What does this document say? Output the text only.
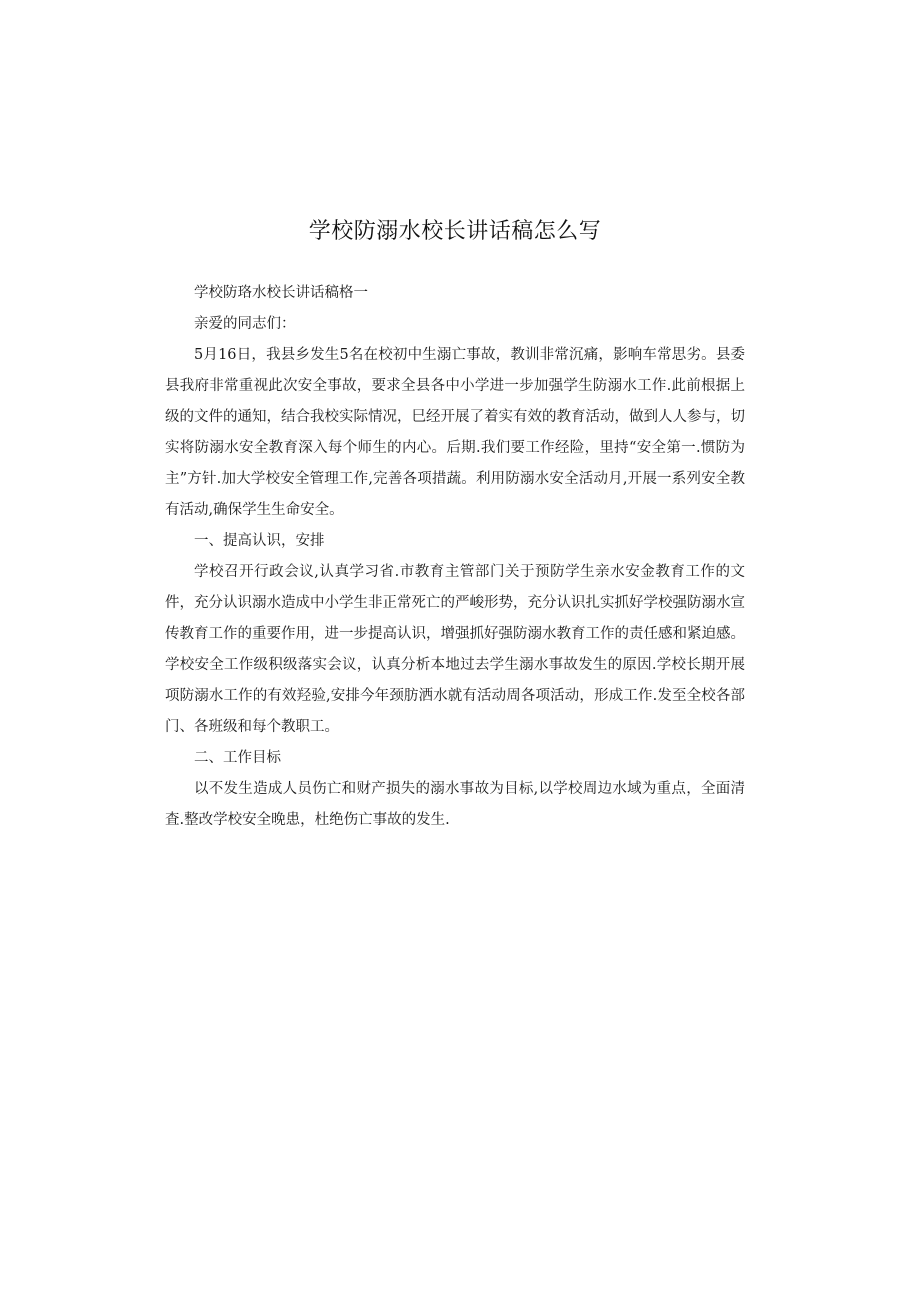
学校防溺水校长讲话稿怎么写

学校防珞水校长讲话稿格一

亲爱的同志们：

5月16日，我县乡发生5名在校初中生溺亡事故，教训非常沉痛，影响车常思劣。县委县我府非常重视此次安全事故，要求全县各中小学进一步加强学生防溺水工作.此前根据上级的文件的通知，结合我校实际情况，巳经开展了着实有效的教育活动，做到人人参与，切实将防溺水安全教育深入每个师生的内心。后期.我们要工作经险，里持“安全第一.惯防为主”方针.加大学校安全管理工作,完善各项措蔬。利用防溺水安全活动月,开展一系列安全教有活动,确保学生生命安全。

一、提高认识，安排

学校召开行政会议,认真学习省.市教育主管部门关于预防学生亲水安金教育工作的文件，充分认识溺水造成中小学生非正常死亡的严峻形势，充分认识扎实抓好学校强防溺水宣传教育工作的重要作用，进一步提高认识，增强抓好强防溺水教育工作的责任感和紧迫感。学校安全工作级积级落实会议，认真分析本地过去学生溺水事故发生的原因.学校长期开展项防溺水工作的有效羟验,安排今年颈肪洒水就有活动周各项活动，形成工作.发至全校各部门、各班级和每个教职工。

二、工作目标

以不发生造成人员伤亡和财产损失的溺水事故为目标,以学校周边水域为重点，全面清査.整改学校安全晚患，杜绝伤亡事故的发生.
